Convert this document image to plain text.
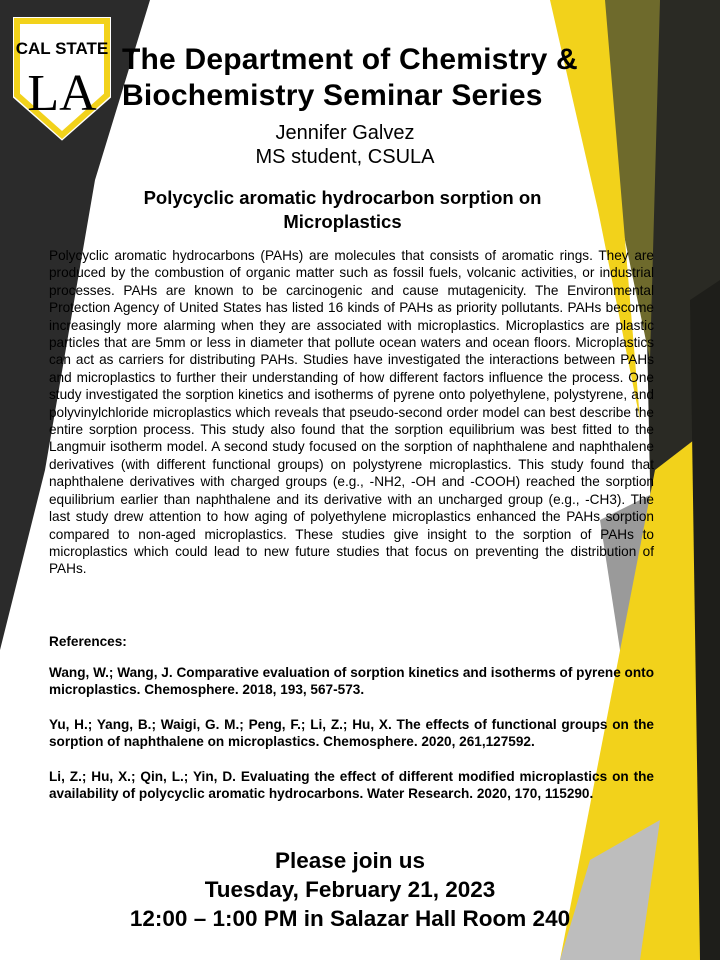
CAL STATE
LA
The Department of Chemistry &
Biochemistry Seminar Series
Jennifer Galvez
MS student, CSULA
Polycyclic aromatic hydrocarbon sorption on
Microplastics
Polycyclic aromatic hydrocarbons (PAHs) are molecules that consists of aromatic rings. They are produced by the combustion of organic matter such as fossil fuels, volcanic activities, or industrial processes. PAHs are known to be carcinogenic and cause mutagenicity. The Environmental Protection Agency of United States has listed 16 kinds of PAHs as priority pollutants. PAHs become increasingly more alarming when they are associated with microplastics. Microplastics are plastic particles that are 5mm or less in diameter that pollute ocean waters and ocean floors. Microplastics can act as carriers for distributing PAHs. Studies have investigated the interactions between PAHs and microplastics to further their understanding of how different factors influence the process. One study investigated the sorption kinetics and isotherms of pyrene onto polyethylene, polystyrene, and polyvinylchloride microplastics which reveals that pseudo-second order model can best describe the entire sorption process. This study also found that the sorption equilibrium was best fitted to the Langmuir isotherm model. A second study focused on the sorption of naphthalene and naphthalene derivatives (with different functional groups) on polystyrene microplastics. This study found that naphthalene derivatives with charged groups (e.g., -NH2, -OH and -COOH) reached the sorption equilibrium earlier than naphthalene and its derivative with an uncharged group (e.g., -CH3). The last study drew attention to how aging of polyethylene microplastics enhanced the PAHs sorption compared to non-aged microplastics. These studies give insight to the sorption of PAHs to microplastics which could lead to new future studies that focus on preventing the distribution of PAHs.
References:

Wang, W.; Wang, J. Comparative evaluation of sorption kinetics and isotherms of pyrene onto microplastics. Chemosphere. 2018, 193, 567-573.

Yu, H.; Yang, B.; Waigi, G. M.; Peng, F.; Li, Z.; Hu, X. The effects of functional groups on the sorption of naphthalene on microplastics. Chemosphere. 2020, 261,127592.

Li, Z.; Hu, X.; Qin, L.; Yin, D. Evaluating the effect of different modified microplastics on the availability of polycyclic aromatic hydrocarbons. Water Research. 2020, 170, 115290.

Please join us
Tuesday, February 21, 2023
12:00 – 1:00 PM in Salazar Hall Room 240
